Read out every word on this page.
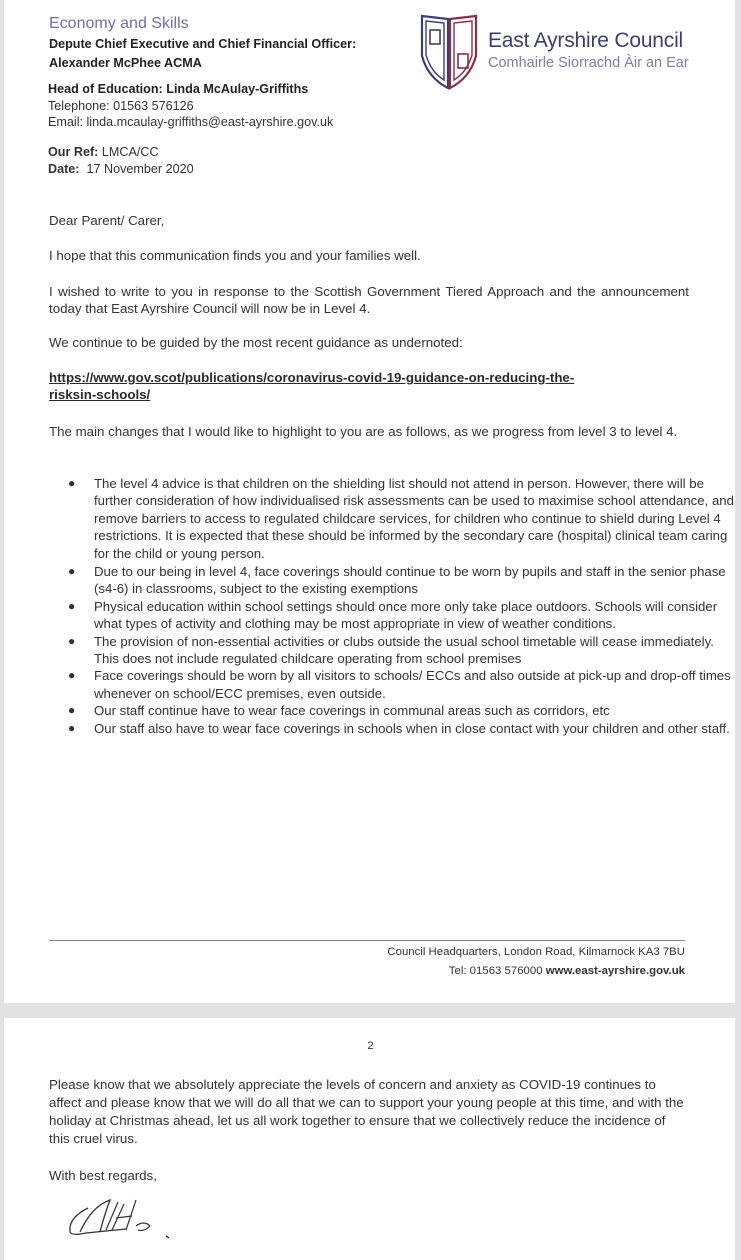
Economy and Skills
Depute Chief Executive and Chief Financial Officer:
Alexander McPhee ACMA
Head of Education: Linda McAulay-Griffiths
Telephone: 01563 576126
Email: linda.mcaulay-griffiths@east-ayrshire.gov.uk
Our Ref: LMCA/CC
Date: 17 November 2020
East Ayrshire Council
Comhairle Siorrachd Àir an Ear
Dear Parent/ Carer,
I hope that this communication finds you and your families well.
I wished to write to you in response to the Scottish Government Tiered Approach and the announcement today that East Ayrshire Council will now be in Level 4.
We continue to be guided by the most recent guidance as undernoted:
https://www.gov.scot/publications/coronavirus-covid-19-guidance-on-reducing-the-
risksin-schools/
The main changes that I would like to highlight to you are as follows, as we progress from level 3 to level 4.
● The level 4 advice is that children on the shielding list should not attend in person. However, there will be further consideration of how individualised risk assessments can be used to maximise school attendance, and remove barriers to access to regulated childcare services, for children who continue to shield during Level 4 restrictions. It is expected that these should be informed by the secondary care (hospital) clinical team caring for the child or young person.
● Due to our being in level 4, face coverings should continue to be worn by pupils and staff in the senior phase (s4-6) in classrooms, subject to the existing exemptions
● Physical education within school settings should once more only take place outdoors. Schools will consider what types of activity and clothing may be most appropriate in view of weather conditions.
● The provision of non-essential activities or clubs outside the usual school timetable will cease immediately. This does not include regulated childcare operating from school premises
● Face coverings should be worn by all visitors to schools/ ECCs and also outside at pick-up and drop-off times whenever on school/ECC premises, even outside.
● Our staff continue have to wear face coverings in communal areas such as corridors, etc
● Our staff also have to wear face coverings in schools when in close contact with your children and other staff.
Council Headquarters, London Road, Kilmarnock KA3 7BU
Tel: 01563 576000 www.east-ayrshire.gov.uk
2
Please know that we absolutely appreciate the levels of concern and anxiety as COVID-19 continues to affect and please know that we will do all that we can to support your young people at this time, and with the holiday at Christmas ahead, let us all work together to ensure that we collectively reduce the incidence of this cruel virus.
With best regards,
